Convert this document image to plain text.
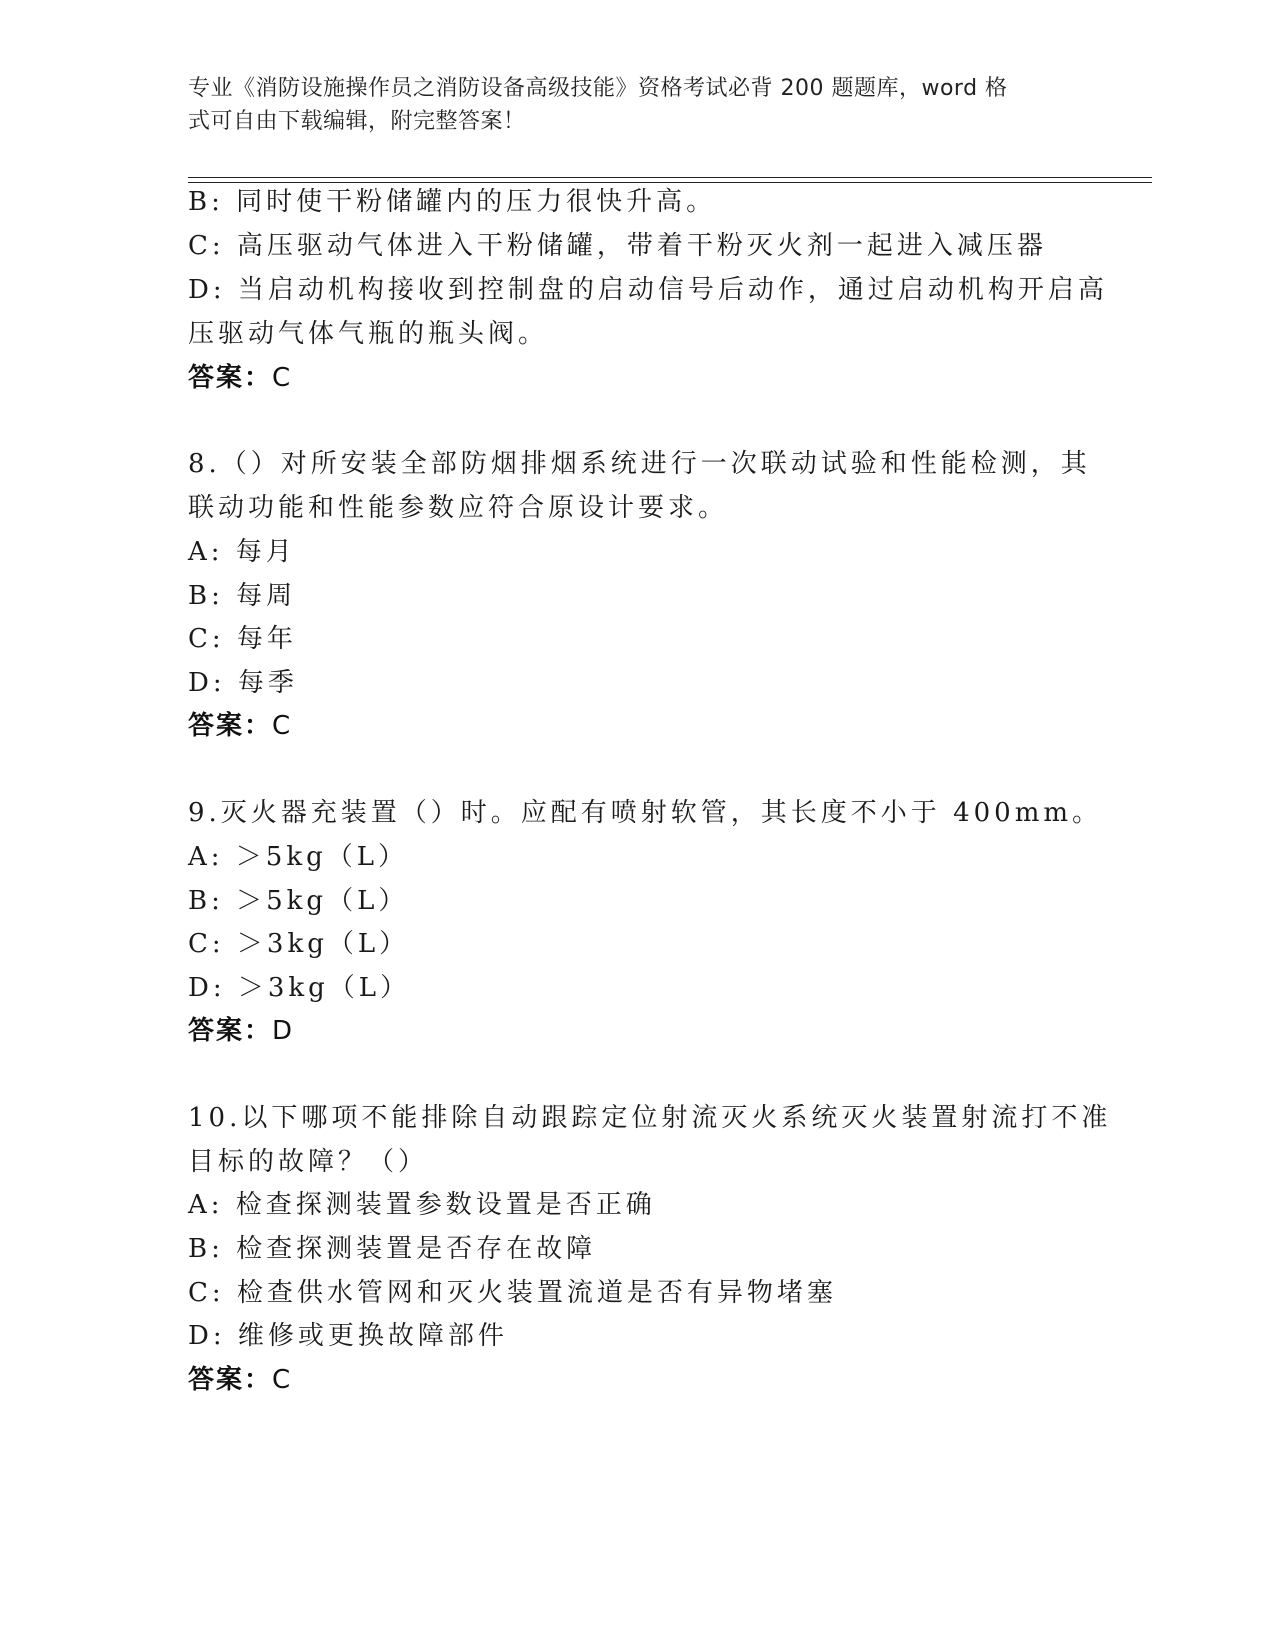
专业《消防设施操作员之消防设备高级技能》资格考试必背 200 题题库，word 格
式可自由下载编辑，附完整答案！
B: 同时使干粉储罐内的压力很快升高。
C: 高压驱动气体进入干粉储罐，带着干粉灭火剂一起进入减压器
D: 当启动机构接收到控制盘的启动信号后动作，通过启动机构开启高
压驱动气体气瓶的瓶头阀。
答案：C
8.（）对所安装全部防烟排烟系统进行一次联动试验和性能检测，其
联动功能和性能参数应符合原设计要求。
A: 每月
B: 每周
C: 每年
D: 每季
答案：C
9.灭火器充装置（）时。应配有喷射软管，其长度不小于 400mm。
A: ＞5kg（L）
B: ＞5kg（L）
C: ＞3kg（L）
D: ＞3kg（L）
答案：D
10.以下哪项不能排除自动跟踪定位射流灭火系统灭火装置射流打不准
目标的故障？（）
A: 检查探测装置参数设置是否正确
B: 检查探测装置是否存在故障
C: 检查供水管网和灭火装置流道是否有异物堵塞
D: 维修或更换故障部件
答案：C
